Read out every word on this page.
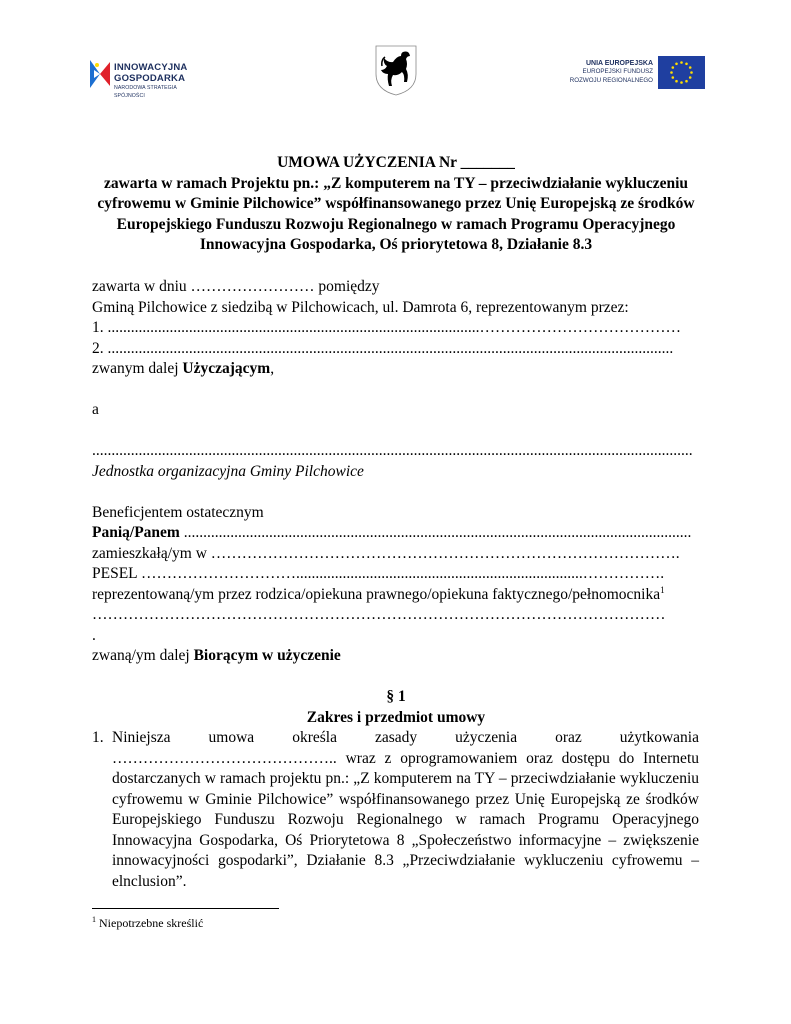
INNOWACYJNA
GOSPODARKA
NARODOWA STRATEGIA SPÓJNOŚCI
UNIA EUROPEJSKA
EUROPEJSKI FUNDUSZ
ROZWOJU REGIONALNEGO
UMOWA UŻYCZENIA Nr _______
zawarta w ramach Projektu pn.: „Z komputerem na TY – przeciwdziałanie wykluczeniu
cyfrowemu w Gminie Pilchowice” współfinansowanego przez Unię Europejską ze środków
Europejskiego Funduszu Rozwoju Regionalnego w ramach Programu Operacyjnego
Innowacyjna Gospodarka, Oś priorytetowa 8, Działanie 8.3
zawarta w dniu …………………… pomiędzy
Gminą Pilchowice z siedzibą w Pilchowicach, ul. Damrota 6, reprezentowanym przez:
1. ................................................................................................…………………………………
2. ..................................................................................................................................................
zwanym dalej Użyczającym,
a
...........................................................................................................................................................
Jednostka organizacyjna Gminy Pilchowice
Beneficjentem ostatecznym
Panią/Panem ...................................................................................................................................
zamieszkałą/ym w ……………………………………………………………………………….
PESEL …………………………..........................................................................…………….
reprezentowaną/ym przez rodzica/opiekuna prawnego/opiekuna faktycznego/pełnomocnika$^1$
…………………………………………………………………………………………………
.
zwaną/ym dalej Biorącym w użyczenie
§ 1
Zakres i przedmiot umowy
1. Niniejsza umowa określa zasady użyczenia oraz użytkowania
…………………………………….. wraz z oprogramowaniem oraz dostępu do Internetu
dostarczanych w ramach projektu pn.: „Z komputerem na TY – przeciwdziałanie wykluczeniu
cyfrowemu w Gminie Pilchowice” współfinansowanego przez Unię Europejską ze środków
Europejskiego Funduszu Rozwoju Regionalnego w ramach Programu Operacyjnego
Innowacyjna Gospodarka, Oś Priorytetowa 8 „Społeczeństwo informacyjne – zwiększenie
innowacyjności gospodarki”, Działanie 8.3 „Przeciwdziałanie wykluczeniu cyfrowemu –
elnclusion”.
$^1$ Niepotrzebne skreślić
